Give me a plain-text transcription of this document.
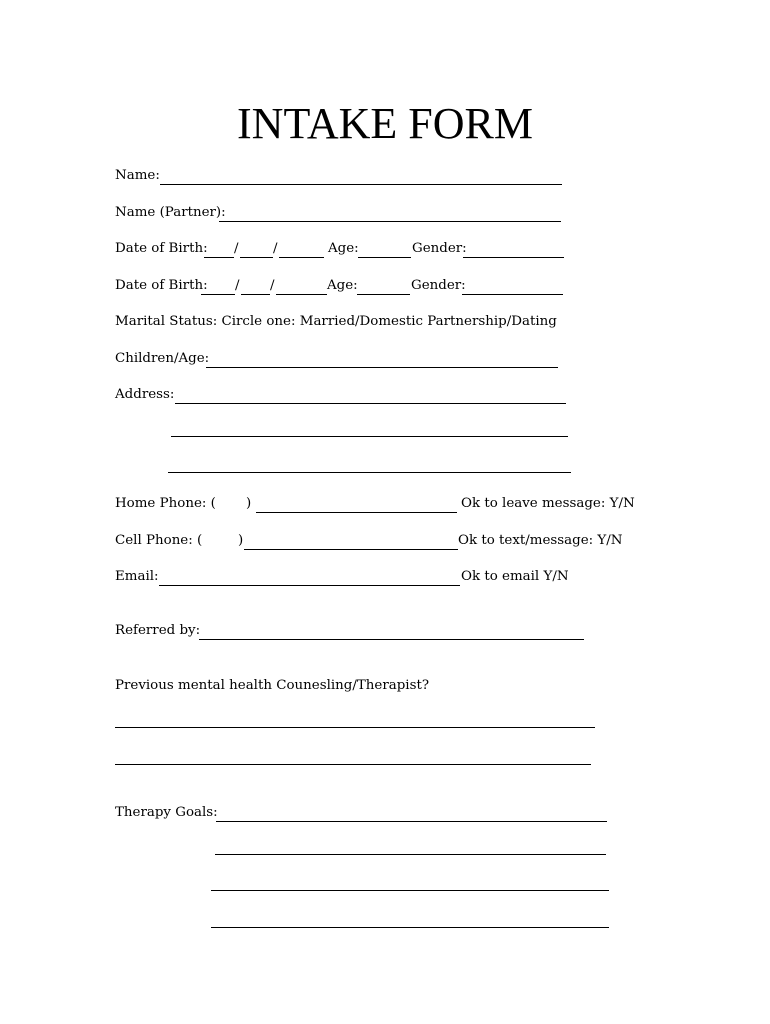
INTAKE FORM
Name:
Name (Partner):
Date of Birth: /	/	Age:	Gender:
Date of Birth: / /	Age:	Gender:
Marital Status: Circle one: Married/Domestic Partnership/Dating
Children/Age:
Address:
Home Phone: ( )	Ok to leave message: Y/N
Cell Phone: (	)	Ok to text/message: Y/N
Email:	Ok to email Y/N
Referred by:
Previous mental health Counesling/Therapist?
Therapy Goals:
